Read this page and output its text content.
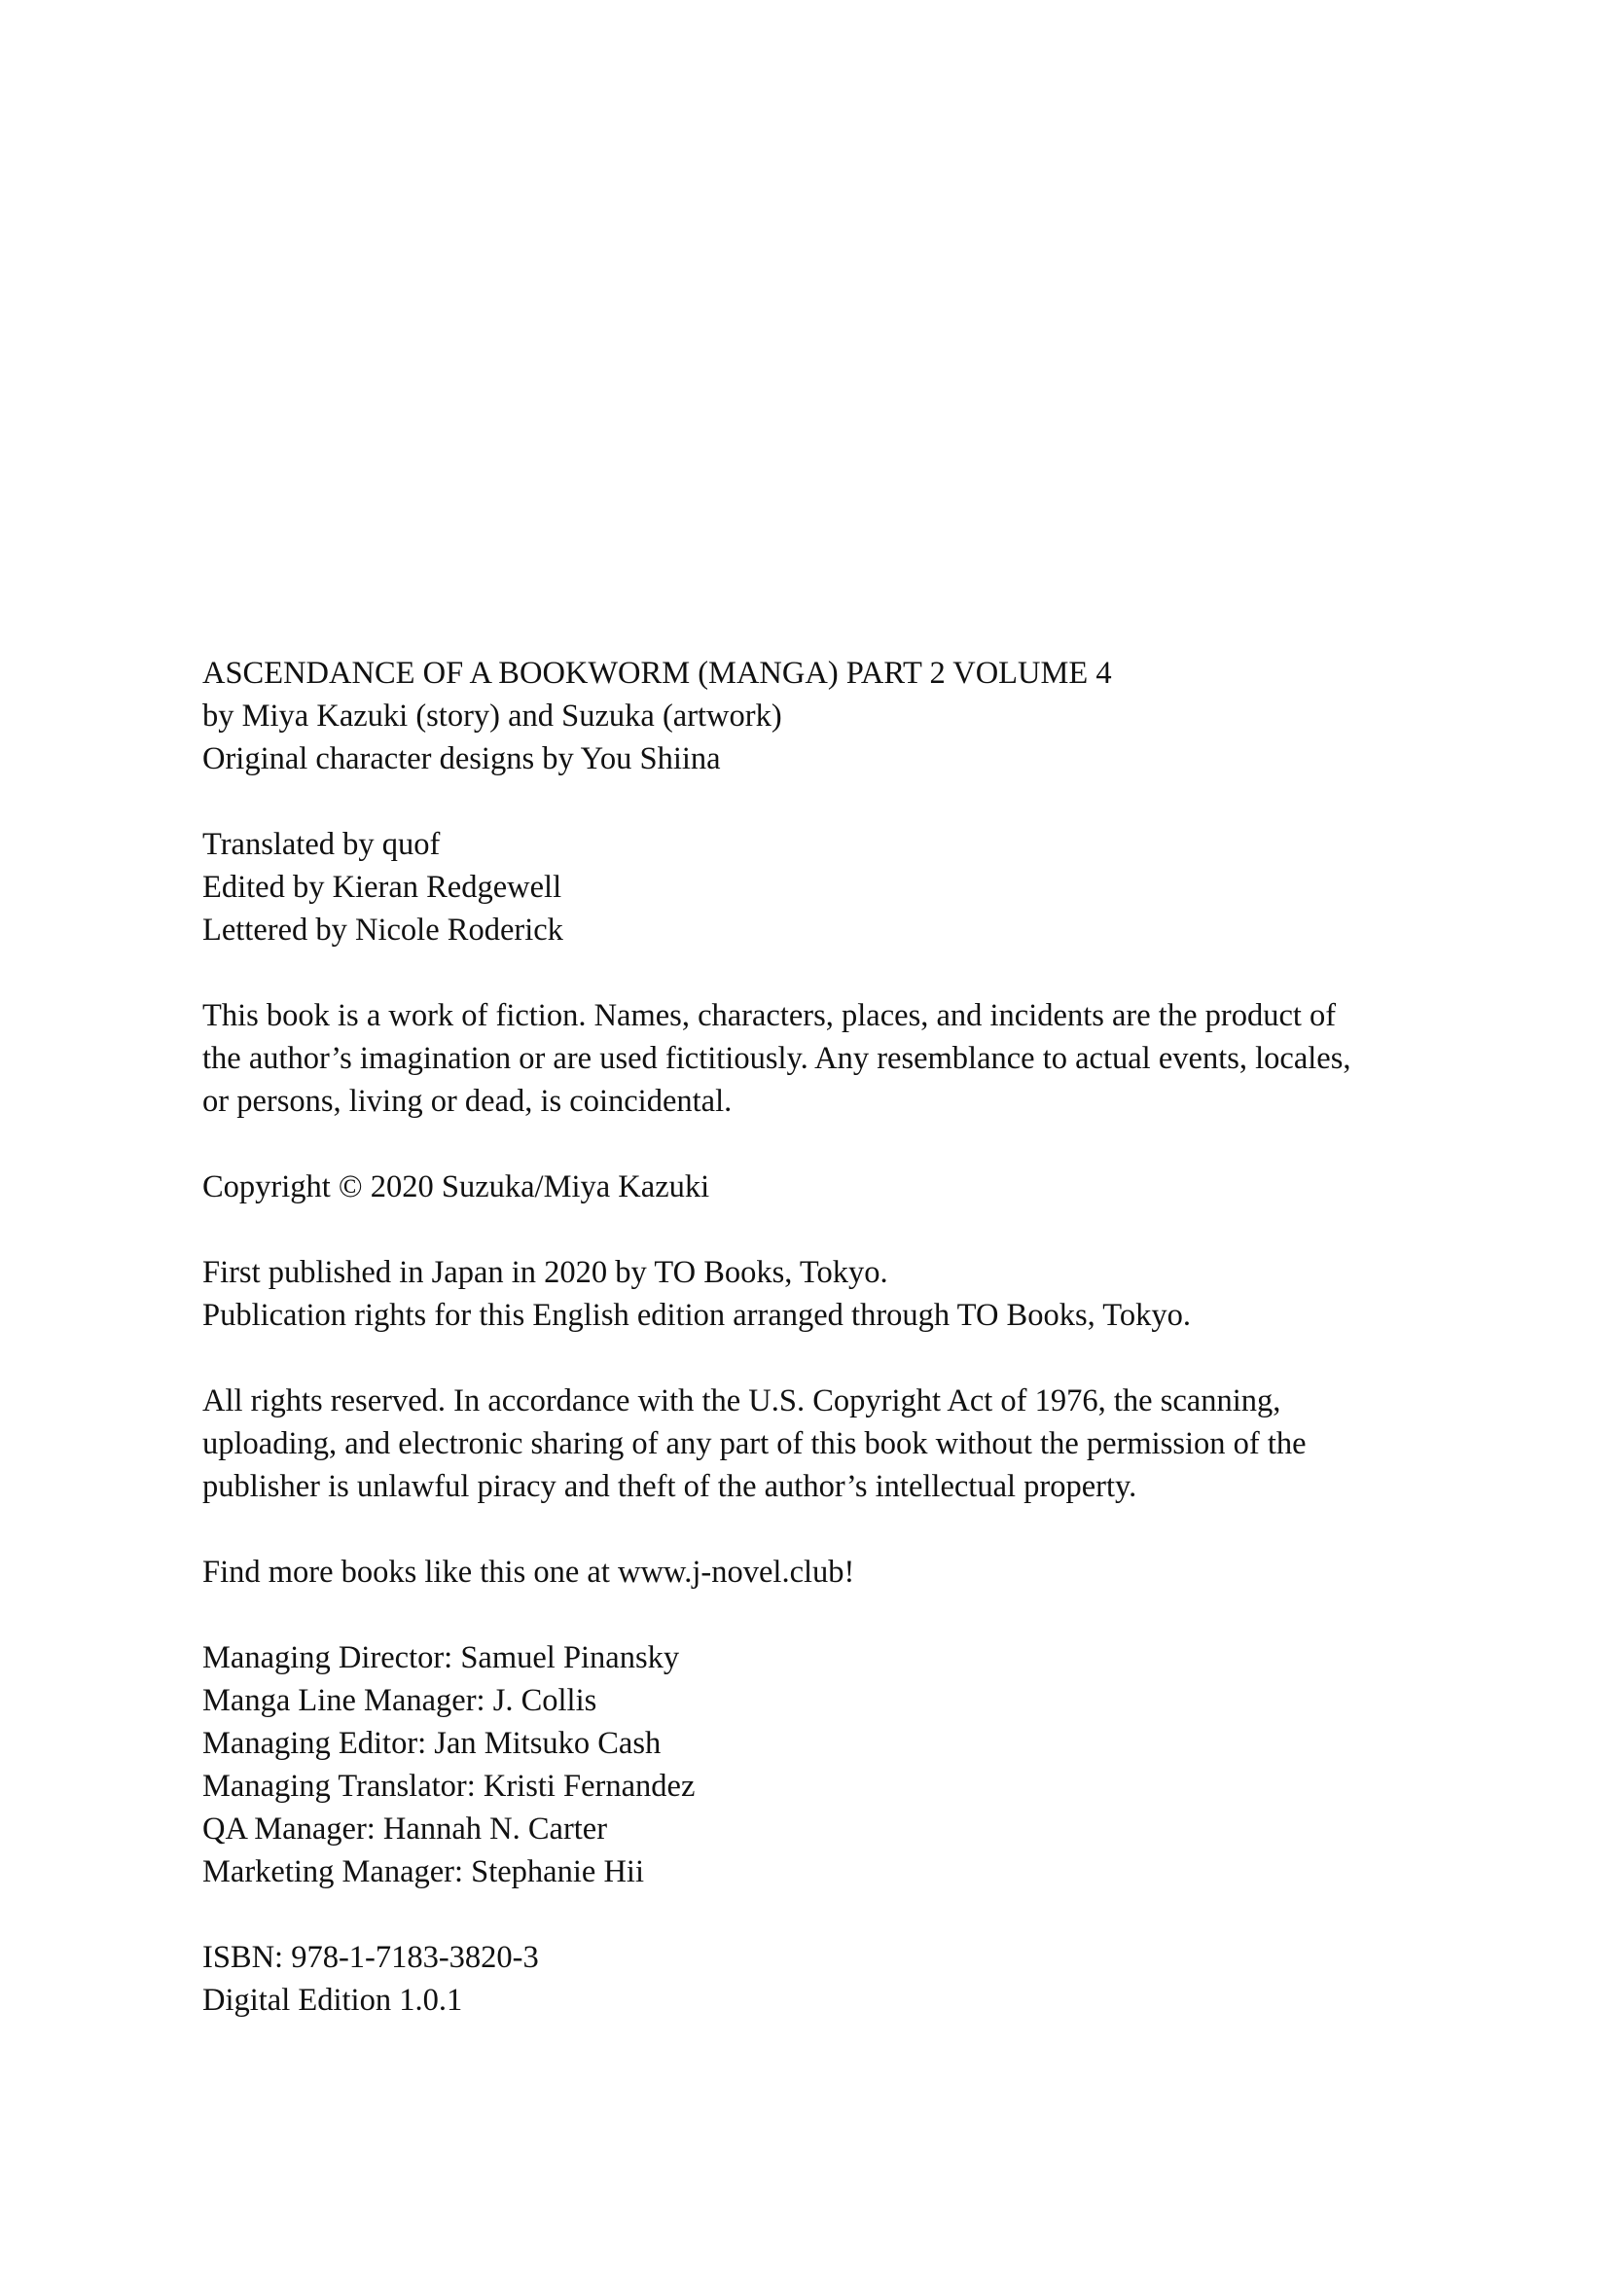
ASCENDANCE OF A BOOKWORM (MANGA) PART 2 VOLUME 4
by Miya Kazuki (story) and Suzuka (artwork)
Original character designs by You Shiina
Translated by quof
Edited by Kieran Redgewell
Lettered by Nicole Roderick
This book is a work of fiction. Names, characters, places, and incidents are the product of
the author’s imagination or are used fictitiously. Any resemblance to actual events, locales,
or persons, living or dead, is coincidental.
Copyright © 2020 Suzuka/Miya Kazuki
First published in Japan in 2020 by TO Books, Tokyo.
Publication rights for this English edition arranged through TO Books, Tokyo.
All rights reserved. In accordance with the U.S. Copyright Act of 1976, the scanning,
uploading, and electronic sharing of any part of this book without the permission of the
publisher is unlawful piracy and theft of the author’s intellectual property.
Find more books like this one at www.j-novel.club!
Managing Director: Samuel Pinansky
Manga Line Manager: J. Collis
Managing Editor: Jan Mitsuko Cash
Managing Translator: Kristi Fernandez
QA Manager: Hannah N. Carter
Marketing Manager: Stephanie Hii
ISBN: 978-1-7183-3820-3
Digital Edition 1.0.1
